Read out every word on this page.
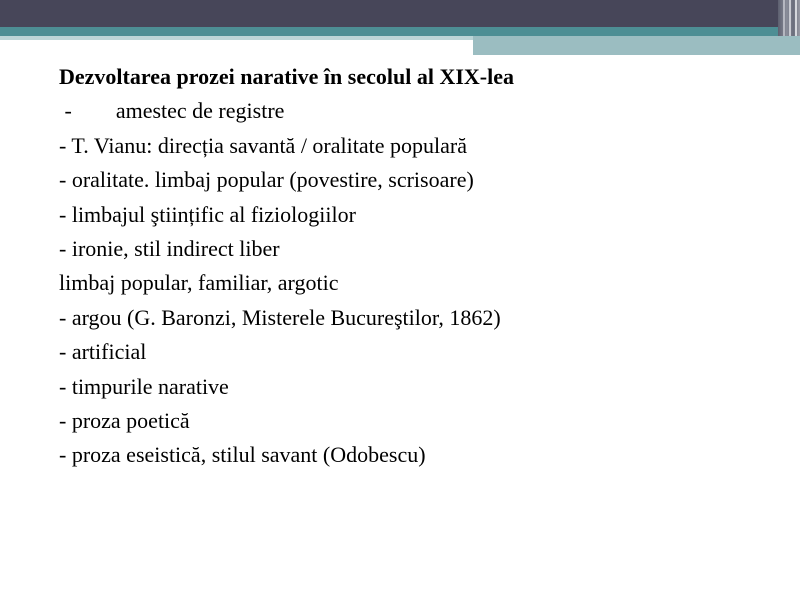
Dezvoltarea prozei narative în secolul al XIX-lea
-        amestec de registre
- T. Vianu: direcția savantă / oralitate populară
- oralitate. limbaj popular (povestire, scrisoare)
- limbajul ştiințific al fiziologiilor
- ironie, stil indirect liber
limbaj popular, familiar, argotic
- argou (G. Baronzi, Misterele Bucureştilor, 1862)
- artificial
- timpurile narative
- proza poetică
- proza eseistică, stilul savant (Odobescu)
